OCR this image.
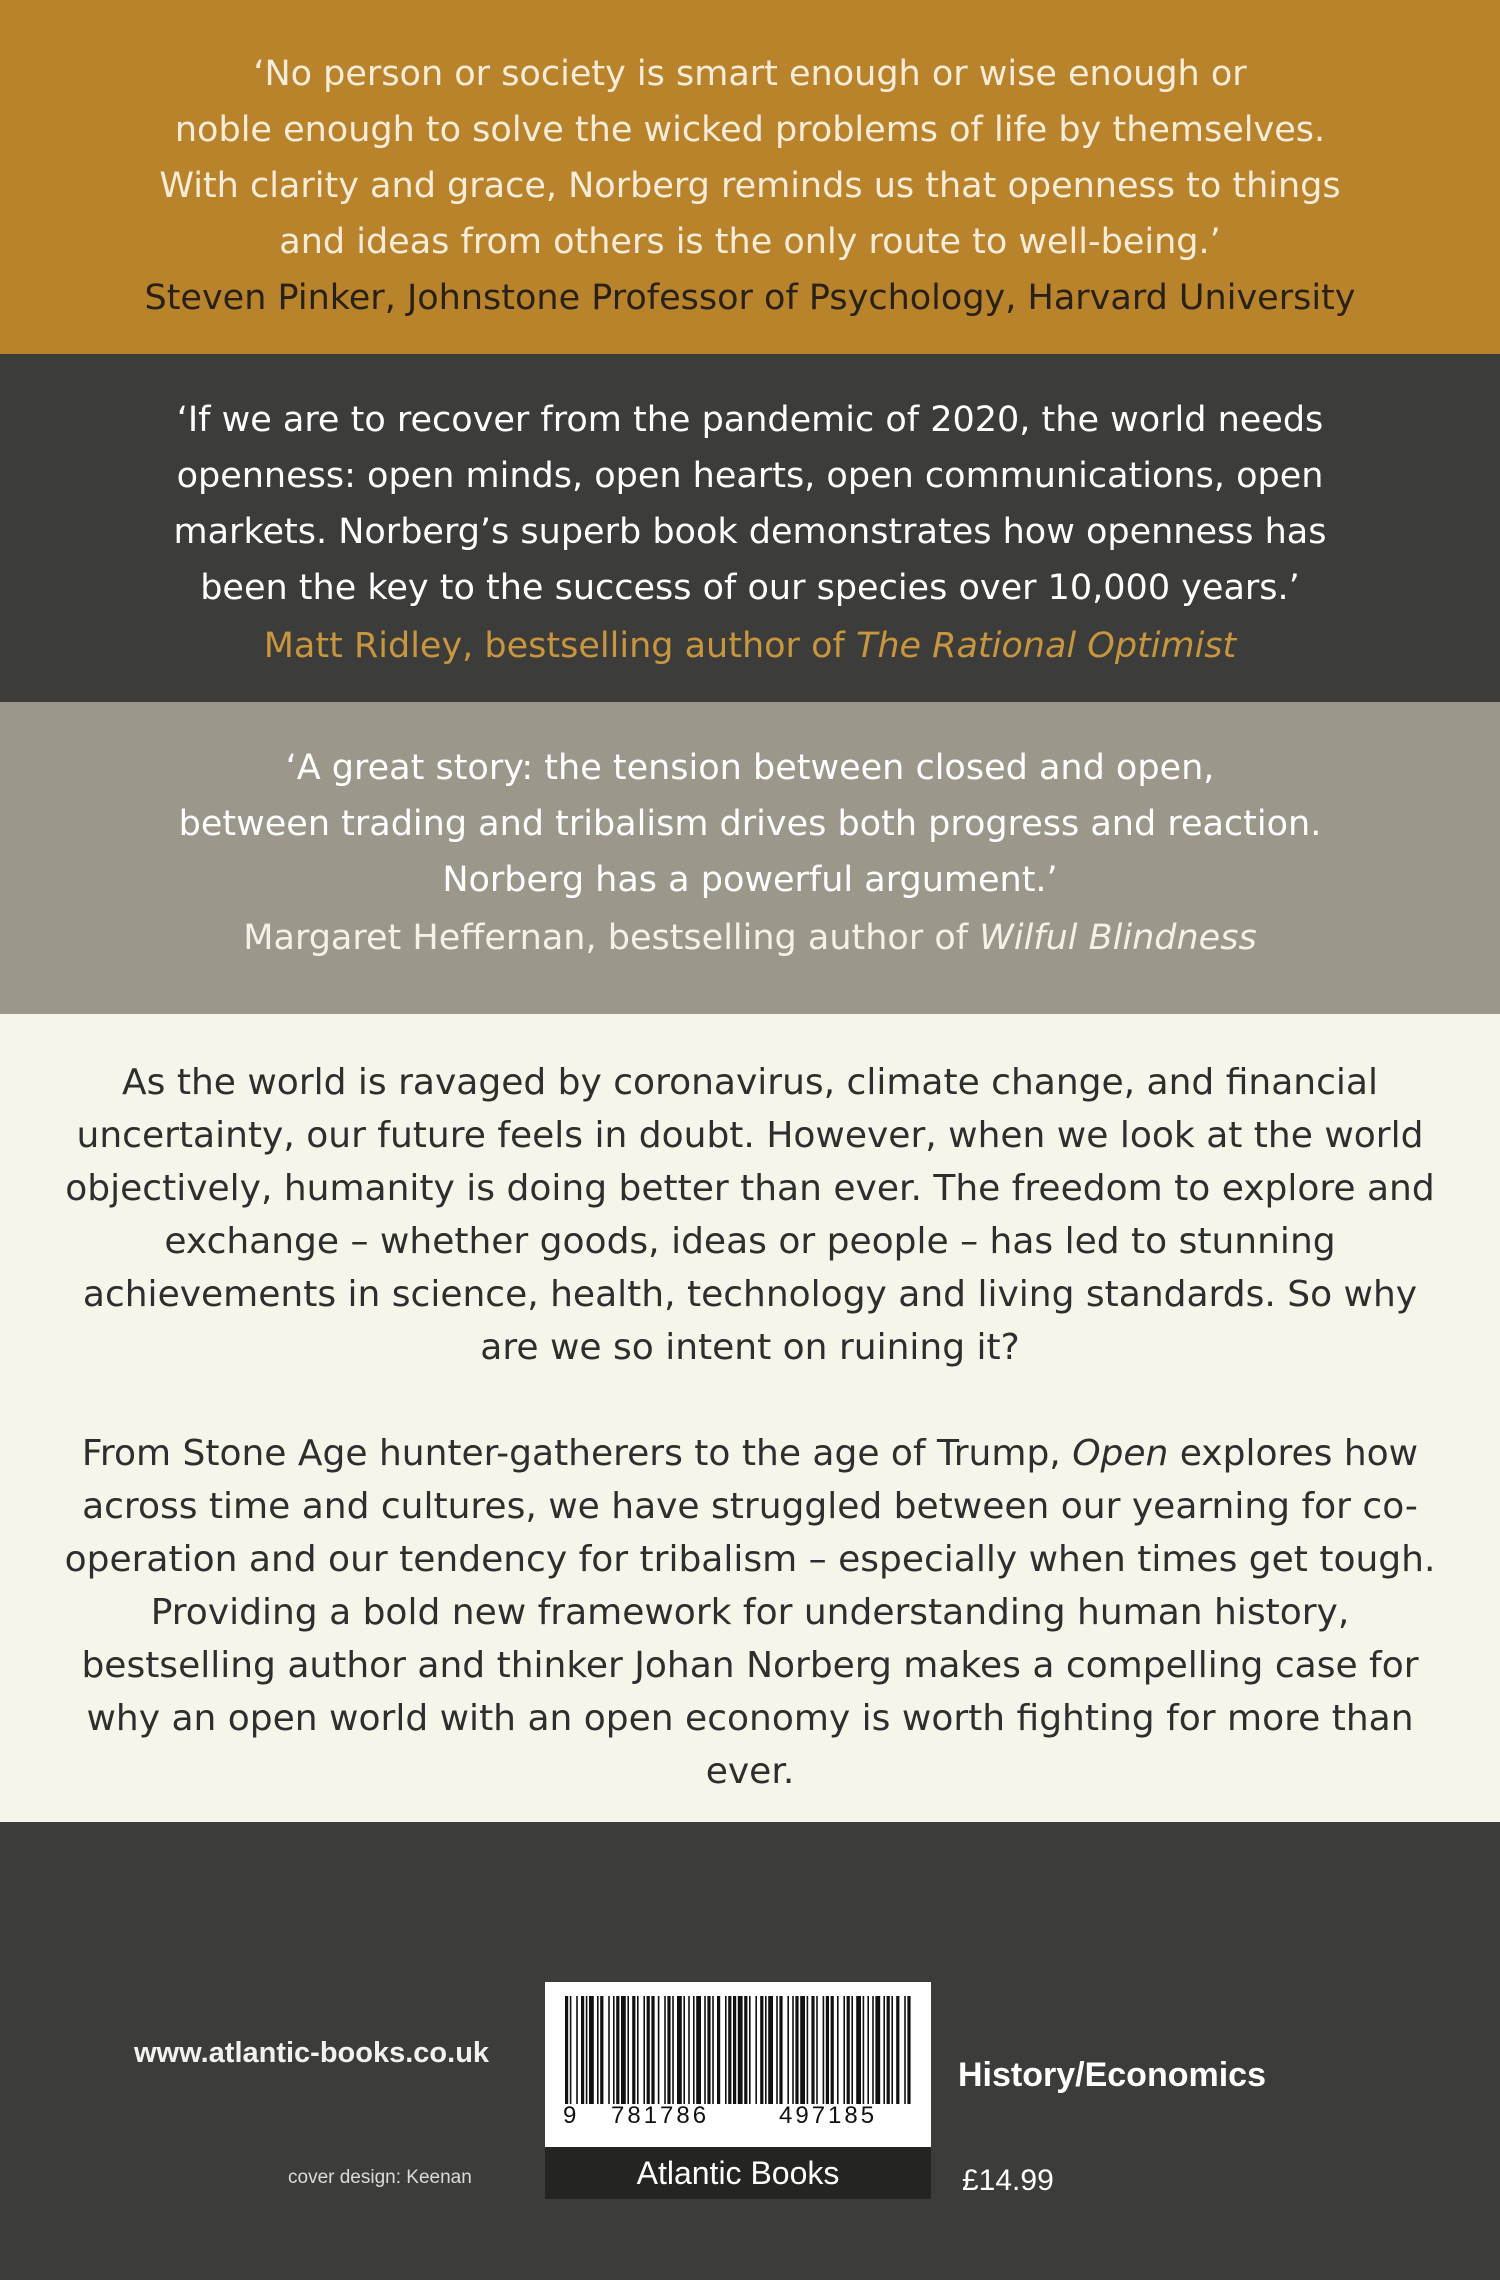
‘No person or society is smart enough or wise enough or
noble enough to solve the wicked problems of life by themselves.
With clarity and grace, Norberg reminds us that openness to things
and ideas from others is the only route to well-being.’
Steven Pinker, Johnstone Professor of Psychology, Harvard University
‘If we are to recover from the pandemic of 2020, the world needs
openness: open minds, open hearts, open communications, open
markets. Norberg’s superb book demonstrates how openness has
been the key to the success of our species over 10,000 years.’
Matt Ridley, bestselling author of The Rational Optimist
‘A great story: the tension between closed and open,
between trading and tribalism drives both progress and reaction.
Norberg has a powerful argument.’
Margaret Heffernan, bestselling author of Wilful Blindness

As the world is ravaged by coronavirus, climate change, and financial uncertainty, our future feels in doubt. However, when we look at the world objectively, humanity is doing better than ever. The freedom to explore and exchange – whether goods, ideas or people – has led to stunning achievements in science, health, technology and living standards. So why are we so intent on ruining it?

From Stone Age hunter-gatherers to the age of Trump, Open explores how across time and cultures, we have struggled between our yearning for co-operation and our tendency for tribalism – especially when times get tough. Providing a bold new framework for understanding human history, bestselling author and thinker Johan Norberg makes a compelling case for why an open world with an open economy is worth fighting for more than ever.

www.atlantic-books.co.uk
cover design: Keenan
History/Economics
£14.99
9 781786	497185
Atlantic Books
